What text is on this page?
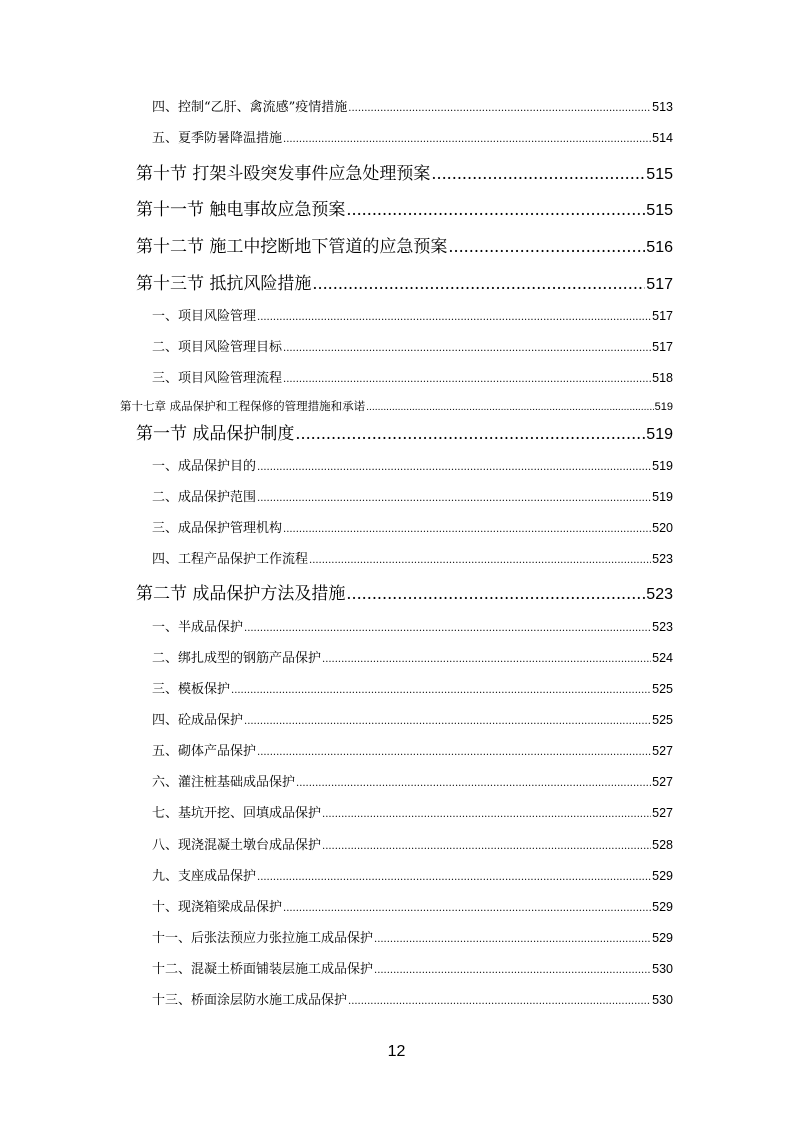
四、控制“乙肝、禽流感”疫情措施 .....	513
五、夏季防暑降温措施 .....	514
第十节 打架斗殴突发事件应急处理预案 .....	515
第十一节 触电事故应急预案 .....	515
第十二节 施工中挖断地下管道的应急预案 .....	516
第十三节 抵抗风险措施 .....	517
一、项目风险管理 .....	517
二、项目风险管理目标 .....	517
三、项目风险管理流程 .....	518
第十七章 成品保护和工程保修的管理措施和承诺 .....	519
第一节 成品保护制度 .....	519
一、成品保护目的 .....	519
二、成品保护范围 .....	519
三、成品保护管理机构 .....	520
四、工程产品保护工作流程 .....	523
第二节 成品保护方法及措施 .....	523
一、半成品保护 .....	523
二、绑扎成型的钢筋产品保护 .....	524
三、模板保护 .....	525
四、砼成品保护 .....	525
五、砌体产品保护 .....	527
六、灌注桩基础成品保护 .....	527
七、基坑开挖、回填成品保护 .....	527
八、现浇混凝土墩台成品保护 .....	528
九、支座成品保护 .....	529
十、现浇箱梁成品保护 .....	529
十一、后张法预应力张拉施工成品保护 .....	529
十二、混凝土桥面铺装层施工成品保护 .....	530
十三、桥面涂层防水施工成品保护 .....	530
12
